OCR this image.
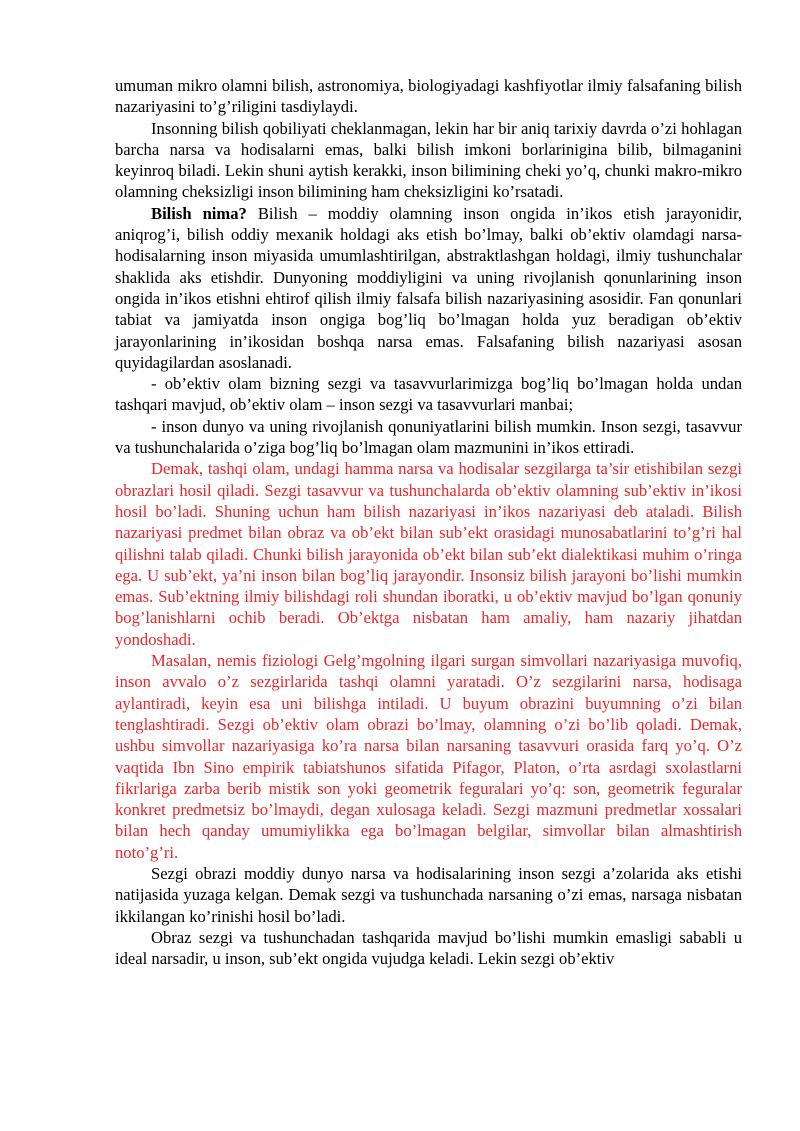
umuman mikro olamni bilish, astronomiya, biologiyadagi kashfiyotlar ilmiy falsafaning bilish nazariyasini to’g’riligini tasdiylaydi.

Insonning bilish qobiliyati cheklanmagan, lekin har bir aniq tarixiy davrda o’zi hohlagan barcha narsa va hodisalarni emas, balki bilish imkoni borlarinigina bilib, bilmaganini keyinroq biladi. Lekin shuni aytish kerakki, inson bilimining cheki yo’q, chunki makro-mikro olamning cheksizligi inson bilimining ham cheksizligini ko’rsatadi.

Bilish nima? Bilish – moddiy olamning inson ongida in’ikos etish jarayonidir, aniqrog’i, bilish oddiy mexanik holdagi aks etish bo’lmay, balki ob’ektiv olamdagi narsa-hodisalarning inson miyasida umumlashtirilgan, abstraktlashgan holdagi, ilmiy tushunchalar shaklida aks etishdir. Dunyoning moddiyligini va uning rivojlanish qonunlarining inson ongida in’ikos etishni ehtirof qilish ilmiy falsafa bilish nazariyasining asosidir. Fan qonunlari tabiat va jamiyatda inson ongiga bog’liq bo’lmagan holda yuz beradigan ob’ektiv jarayonlarining in’ikosidan boshqa narsa emas. Falsafaning bilish nazariyasi asosan quyidagilardan asoslanadi.

- ob’ektiv olam bizning sezgi va tasavvurlarimizga bog’liq bo’lmagan holda undan tashqari mavjud, ob’ektiv olam – inson sezgi va tasavvurlari manbai;

- inson dunyo va uning rivojlanish qonuniyatlarini bilish mumkin. Inson sezgi, tasavvur va tushunchalarida o’ziga bog’liq bo’lmagan olam mazmunini in’ikos ettiradi.

Demak, tashqi olam, undagi hamma narsa va hodisalar sezgilarga ta’sir etishibilan sezgi obrazlari hosil qiladi. Sezgi tasavvur va tushunchalarda ob’ektiv olamning sub’ektiv in’ikosi hosil bo’ladi. Shuning uchun ham bilish nazariyasi in’ikos nazariyasi deb ataladi. Bilish nazariyasi predmet bilan obraz va ob’ekt bilan sub’ekt orasidagi munosabatlarini to’g’ri hal qilishni talab qiladi. Chunki bilish jarayonida ob’ekt bilan sub’ekt dialektikasi muhim o’ringa ega. U sub’ekt, ya’ni inson bilan bog’liq jarayondir. Insonsiz bilish jarayoni bo’lishi mumkin emas. Sub’ektning ilmiy bilishdagi roli shundan iboratki, u ob’ektiv mavjud bo’lgan qonuniy bog’lanishlarni ochib beradi. Ob’ektga nisbatan ham amaliy, ham nazariy jihatdan yondoshadi.

Masalan, nemis fiziologi Gelg’mgolning ilgari surgan simvollari nazariyasiga muvofiq, inson avvalo o’z sezgirlarida tashqi olamni yaratadi. O’z sezgilarini narsa, hodisaga aylantiradi, keyin esa uni bilishga intiladi. U buyum obrazini buyumning o’zi bilan tenglashtiradi. Sezgi ob’ektiv olam obrazi bo’lmay, olamning o’zi bo’lib qoladi. Demak, ushbu simvollar nazariyasiga ko’ra narsa bilan narsaning tasavvuri orasida farq yo’q. O’z vaqtida Ibn Sino empirik tabiatshunos sifatida Pifagor, Platon, o’rta asrdagi sxolastlarni fikrlariga zarba berib mistik son yoki geometrik feguralari yo’q: son, geometrik feguralar konkret predmetsiz bo’lmaydi, degan xulosaga keladi. Sezgi mazmuni predmetlar xossalari bilan hech qanday umumiylikka ega bo’lmagan belgilar, simvollar bilan almashtirish noto’g’ri.

Sezgi obrazi moddiy dunyo narsa va hodisalarining inson sezgi a’zolarida aks etishi natijasida yuzaga kelgan. Demak sezgi va tushunchada narsaning o’zi emas, narsaga nisbatan ikkilangan ko’rinishi hosil bo’ladi.

Obraz sezgi va tushunchadan tashqarida mavjud bo’lishi mumkin emasligi sababli u ideal narsadir, u inson, sub’ekt ongida vujudga keladi. Lekin sezgi ob’ektiv
